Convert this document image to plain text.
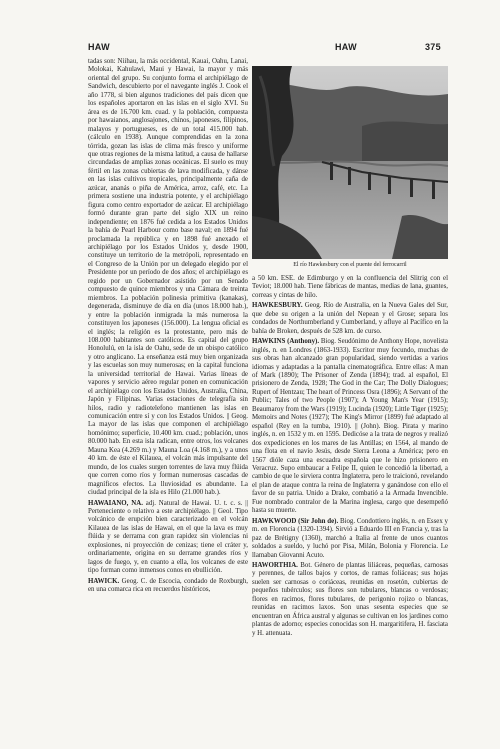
HAW	HAW	375

tadas son: Niihau, la más occidental, Kauai, Oahu, Lanai, Molokai, Kahulawi, Maui y Hawai, la mayor y más oriental del grupo. Su conjunto forma el archipiélago de Sandwich, descubierto por el navegante inglés J. Cook el año 1778, si bien algunos tradiciones del país dicen que los españoles aportaron en las islas en el siglo XVI. Su área es de 16.700 km. cuad. y la población, compuesta por hawaianos, anglosajones, chinos, japoneses, filipinos, malayos y portugueses, es de un total 415.000 hab. (cálculo en 1938). Aunque comprendidas en la zona tórrida, gozan las islas de clima más fresco y uniforme que otras regiones de la misma latitud, a causa de hallarse circundadas de amplias zonas oceánicas. El suelo es muy fértil en las zonas cubiertas de lava modificada, y dánse en las islas cultivos tropicales, principalmente caña de azúcar, ananás o piña de América, arroz, café, etc. La primera sostiene una industria potente, y el archipiélago figura como centro exportador de azúcar. El archipiélago formó durante gran parte del siglo XIX un reino independiente; en 1876 fué cedida a los Estados Unidos la bahía de Pearl Harbour como base naval; en 1894 fué proclamada la república y en 1898 fué anexado el archipiélago por los Estados Unidos y, desde 1900, constituye un territorio de la metrópoli, representado en el Congreso de la Unión por un delegado elegido por el Presidente por un período de dos años; el archipiélago es regido por un Gobernador asistido por un Senado compuesto de quince miembros y una Cámara de treinta miembros. La población polinesia primitiva (kanakas), degenerada, disminuye de día en día (unos 18.000 hab.), y entre la población inmigrada la más numerosa la constituyen los japoneses (156.000). La lengua oficial es el inglés; la religión es la protestante, pero más de 108.000 habitantes son católicos. Es capital del grupo Honolulú, en la isla de Oahu, sede de un obispo católico y otro anglicano. La enseñanza está muy bien organizada y las escuelas son muy numerosas; en la capital funciona la universidad territorial de Hawai. Varias líneas de vapores y servicio aéreo regular ponen en comunicación el archipiélago con los Estados Unidos, Australia, China, Japón y Filipinas. Varias estaciones de telegrafía sin hilos, radio y radiotelefono mantienen las islas en comunicación entre sí y con los Estados Unidos. || Geog. La mayor de las islas que componen el archipiélago homónimo; superficie, 10.400 km. cuad.; población, unos 80.000 hab. En esta isla radican, entre otros, los volcanes Mauna Kea (4.269 m.) y Mauna Loa (4.168 m.), y a unos 40 km. de éste el Kilauea, el volcán más impulsante del mundo, de los cuales surgen torrentes de lava muy flúida que corren como ríos y forman numerosas cascadas de magníficos efectos. La lluviosidad es abundante. La ciudad principal de la isla es Hilo (21.000 hab.).

HAWAIANO, NA. adj. Natural de Hawai. U. t. c. s. || Perteneciente o relativo a este archipiélago. || Geol. Tipo volcánico de erupción bien caracterizado en el volcán Kilauea de las islas de Hawai, en el que la lava es muy flúida y se derrama con gran rapidez sin violencias ni explosiones, ni proyección de cenizas; tiene el cráter y, ordinariamente, origina en su derrame grandes ríos y lagos de fuego, y, en cuanto a ella, los volcanes de este tipo forman como inmensos conos en ebullición.

HAWICK. Geog. C. de Escocia, condado de Roxburgh, en una comarca rica en recuerdos históricos,

El río Hawkesbury con el puente del ferrocarril

a 50 km. ESE. de Edimburgo y en la confluencia del Slitrig con el Teviot; 18.000 hab. Tiene fábricas de mantas, medias de lana, guantes, correas y cintas de hilo.

HAWKESBURY. Geog. Río de Australia, en la Nueva Gales del Sur, que debe su origen a la unión del Nepean y el Grose; separa los condados de Northumberland y Cumberland, y afluye al Pacífico en la bahía de Broken, después de 528 km. de curso.

HAWKINS (Anthony). Biog. Seudónimo de Anthony Hope, novelista inglés, n. en Londres (1863-1933). Escritor muy fecundo, muchas de sus obras han alcanzado gran popularidad, siendo vertidas a varios idiomas y adaptadas a la pantalla cinematográfica. Entre ellas: A man of Mark (1890); The Prisoner of Zenda (1894); trad. al español, El prisionero de Zenda, 1928; The God in the Car; The Dolly Dialogues; Rupert of Hentzau; The heart of Princess Osra (1896); A Servant of the Public; Tales of two People (1907); A Young Man's Year (1915); Beaumaroy from the Wars (1919); Lucinda (1920); Little Tiger (1925); Memoirs and Notes (1927); The King's Mirror (1899) fué adaptado al español (Rey en la tumba, 1910). || (John). Biog. Pirata y marino inglés, n. en 1532 y m. en 1595. Dedicóse a la trata de negros y realizó dos expediciones en los mares de las Antillas; en 1564, al mando de una flota en el navío Jesús, desde Sierra Leona a América; pero en 1567 dióle caza una escuadra española que le hizo prisionero en Veracruz. Supo embaucar a Felipe II, quien le concedió la libertad, a cambio de que le sirviera contra Inglaterra, pero le traicionó, revelando el plan de ataque contra la reina de Inglaterra y ganándose con ello el favor de su patria. Unido a Drake, combatió a la Armada Invencible. Fue nombrado contralor de la Marina inglesa, cargo que desempeñó hasta su muerte.

HAWKWOOD (Sir John de). Biog. Condottiero inglés, n. en Essex y m. en Florencia (1320-1394). Sirvió a Eduardo III en Francia y, tras la paz de Brétigny (1360), marchó a Italia al frente de unos cuantos soldados a sueldo, y luchó por Pisa, Milán, Bolonia y Florencia. Le llamaban Giovanni Acuto.

HAWORTHIA. Bot. Género de plantas liliáceas, pequeñas, carnosas y perennes, de tallos bajos y cortos, de ramas foliáceas; sus hojas suelen ser carnosas o coriáceas, reunidas en rosetón, cubiertas de pequeños tubérculos; sus flores son tubulares, blancas o verdosas; flores en racimos, flores tubulares, de perigonio rojizo o blancas, reunidas en racimos laxos. Son unas sesenta especies que se encuentran en África austral y algunas se cultivan en los jardines como plantas de adorno; especies conocidas son H. margaritifera, H. fasciata y H. attenuata.
